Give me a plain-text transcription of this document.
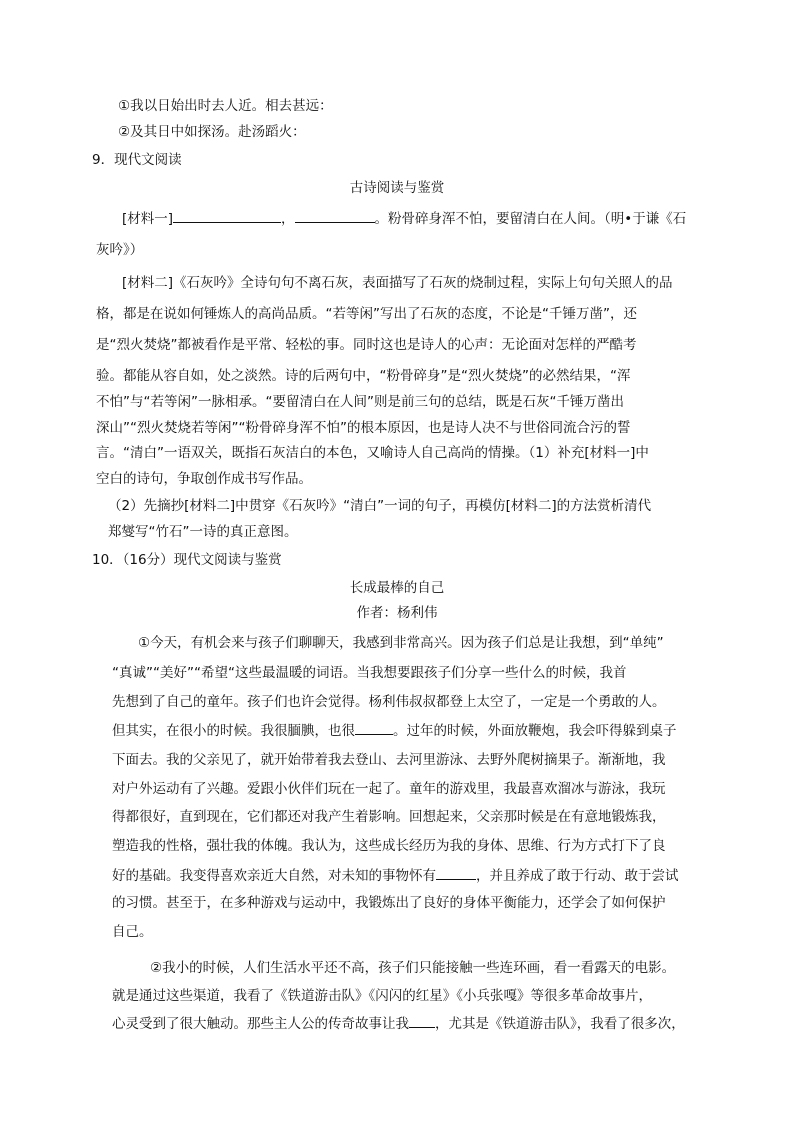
①我以日始出时去人近。相去甚远：
②及其日中如探汤。赴汤蹈火：
9．现代文阅读
古诗阅读与鉴赏
[材料一]	，	。粉骨碎身浑不怕，要留清白在人间。（明•于谦《石
灰吟》）
[材料二]《石灰吟》全诗句句不离石灰，表面描写了石灰的烧制过程，实际上句句关照人的品
格，都是在说如何锤炼人的高尚品质。“若等闲”写出了石灰的态度，不论是“千锤万凿”，还
是“烈火焚烧”都被看作是平常、轻松的事。同时这也是诗人的心声：无论面对怎样的严酷考
验。都能从容自如，处之淡然。诗的后两句中，“粉骨碎身”是“烈火焚烧”的必然结果，“浑
不怕”与“若等闲”一脉相承。“要留清白在人间”则是前三句的总结，既是石灰“千锤万凿出
深山”“烈火焚烧若等闲”“粉骨碎身浑不怕”的根本原因，也是诗人决不与世俗同流合污的誓
言。“清白”一语双关，既指石灰洁白的本色，又喻诗人自己高尚的情操。（1）补充[材料一]中
空白的诗句，争取创作成书写作品。
（2）先摘抄[材料二]中贯穿《石灰吟》“清白”一词的句子，再模仿[材料二]的方法赏析清代
郑燮写“竹石”一诗的真正意图。
10．（16分）现代文阅读与鉴赏
长成最棒的自己
作者：杨利伟
①今天，有机会来与孩子们聊聊天，我感到非常高兴。因为孩子们总是让我想，到“单纯”
“真诚”“美好”“希望“这些最温暖的词语。当我想要跟孩子们分享一些什么的时候，我首
先想到了自己的童年。孩子们也许会觉得。杨利伟叔叔都登上太空了，一定是一个勇敢的人。
但其实，在很小的时候。我很腼腆，也很	。过年的时候，外面放鞭炮，我会吓得躲到桌子
下面去。我的父亲见了，就开始带着我去登山、去河里游泳、去野外爬树摘果子。渐渐地，我
对户外运动有了兴趣。爱跟小伙伴们玩在一起了。童年的游戏里，我最喜欢溜冰与游泳，我玩
得都很好，直到现在，它们都还对我产生着影响。回想起来，父亲那时候是在有意地锻炼我，
塑造我的性格，强壮我的体魄。我认为，这些成长经历为我的身体、思维、行为方式打下了良
好的基础。我变得喜欢亲近大自然，对未知的事物怀有	，并且养成了敢于行动、敢于尝试
的习惯。甚至于，在多种游戏与运动中，我锻炼出了良好的身体平衡能力，还学会了如何保护
自己。
②我小的时候，人们生活水平还不高，孩子们只能接触一些连环画，看一看露天的电影。
就是通过这些渠道，我看了《铁道游击队》《闪闪的红星》《小兵张嘎》等很多革命故事片，
心灵受到了很大触动。那些主人公的传奇故事让我 ，尤其是《铁道游击队》，我看了很多次，
